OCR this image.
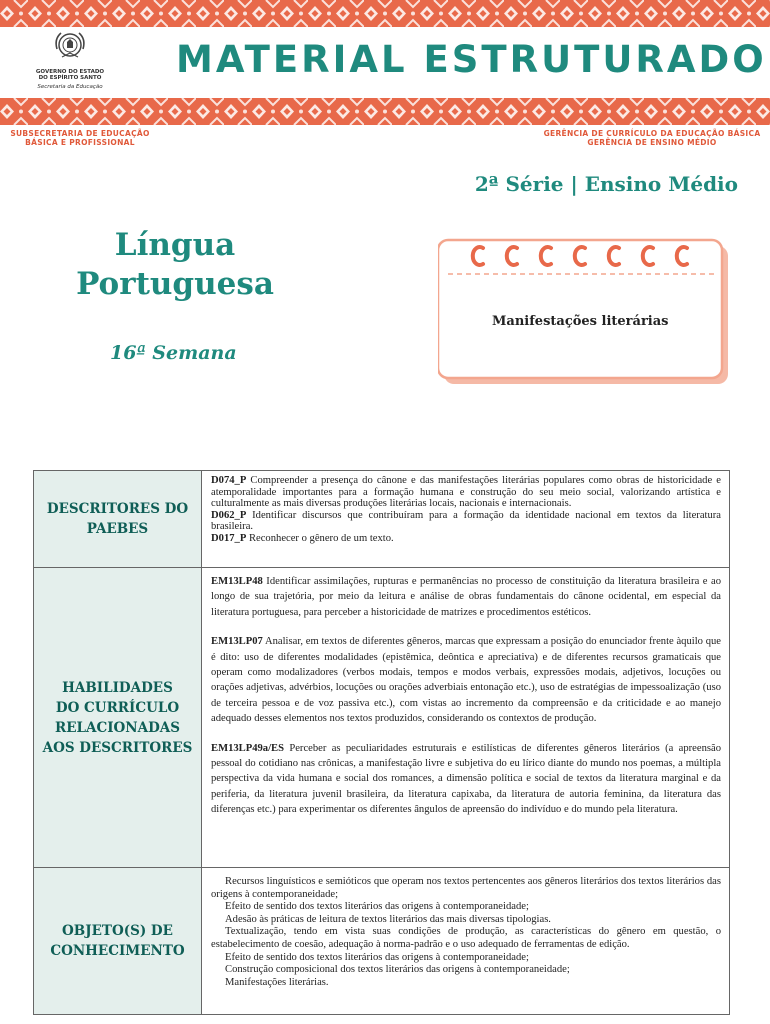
GOVERNO DO ESTADO
DO ESPÍRITO SANTO
Secretaria da Educação
MATERIAL ESTRUTURADO
SUBSECRETARIA DE EDUCAÇÃO
BÁSICA E PROFISSIONAL
GERÊNCIA DE CURRÍCULO DA EDUCAÇÃO BÁSICA
GERÊNCIA DE ENSINO MÉDIO
2ª Série | Ensino Médio
Língua
Portuguesa
16ª Semana
Manifestações literárias
DESCRITORES DO
PAEBES
D074_P Compreender a presença do cânone e das manifestações literárias populares como obras de historicidade e atemporalidade importantes para a formação humana e construção do seu meio social, valorizando artística e culturalmente as mais diversas produções literárias locais, nacionais e internacionais.
D062_P Identificar discursos que contribuíram para a formação da identidade nacional em textos da literatura brasileira.
D017_P Reconhecer o gênero de um texto.
HABILIDADES
DO CURRÍCULO
RELACIONADAS
AOS DESCRITORES

EM13LP48 Identificar assimilações, rupturas e permanências no processo de constituição da literatura brasileira e ao longo de sua trajetória, por meio da leitura e análise de obras fundamentais do cânone ocidental, em especial da literatura portuguesa, para perceber a historicidade de matrizes e procedimentos estéticos.

EM13LP07 Analisar, em textos de diferentes gêneros, marcas que expressam a posição do enunciador frente àquilo que é dito: uso de diferentes modalidades (epistêmica, deôntica e apreciativa) e de diferentes recursos gramaticais que operam como modalizadores (verbos modais, tempos e modos verbais, expressões modais, adjetivos, locuções ou orações adjetivas, advérbios, locuções ou orações adverbiais entonação etc.), uso de estratégias de impessoalização (uso de terceira pessoa e de voz passiva etc.), com vistas ao incremento da compreensão e da criticidade e ao manejo adequado desses elementos nos textos produzidos, considerando os contextos de produção.

EM13LP49a/ES Perceber as peculiaridades estruturais e estilísticas de diferentes gêneros literários (a apreensão pessoal do cotidiano nas crônicas, a manifestação livre e subjetiva do eu lírico diante do mundo nos poemas, a múltipla perspectiva da vida humana e social dos romances, a dimensão política e social de textos da literatura marginal e da periferia, da literatura juvenil brasileira, da literatura capixaba, da literatura de autoria feminina, da literatura das diferenças etc.) para experimentar os diferentes ângulos de apreensão do indivíduo e do mundo pela literatura.

OBJETO(S) DE
CONHECIMENTO

Recursos linguísticos e semióticos que operam nos textos pertencentes aos gêneros literários dos textos literários das origens à contemporaneidade;

Efeito de sentido dos textos literários das origens à contemporaneidade;

Adesão às práticas de leitura de textos literários das mais diversas tipologias.

Textualização, tendo em vista suas condições de produção, as características do gênero em questão, o estabelecimento de coesão, adequação à norma-padrão e o uso adequado de ferramentas de edição.

Efeito de sentido dos textos literários das origens à contemporaneidade;

Construção composicional dos textos literários das origens à contemporaneidade;

Manifestações literárias.
